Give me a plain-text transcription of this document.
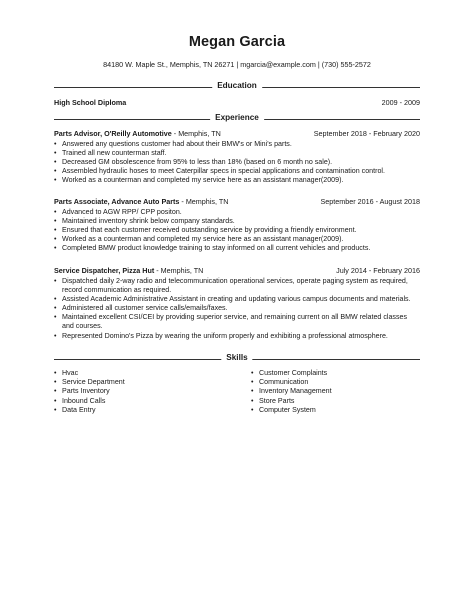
Megan Garcia
84180 W. Maple St., Memphis, TN 26271 | mgarcia@example.com | (730) 555-2572
Education
High School Diploma	2009 - 2009
Experience
Parts Advisor, O'Reilly Automotive - Memphis, TN	September 2018 - February 2020
• Answered any questions customer had about their BMW's or Mini's parts.
• Trained all new counterman staff.
• Decreased GM obsolescence from 95% to less than 18% (based on 6 month no sale).
• Assembled hydraulic hoses to meet Caterpillar specs in special applications and contamination control.
• Worked as a counterman and completed my service here as an assistant manager(2009).
Parts Associate, Advance Auto Parts - Memphis, TN	September 2016 - August 2018
• Advanced to AGW RPP/ CPP positon.
• Maintained inventory shrink below company standards.
• Ensured that each customer received outstanding service by providing a friendly environment.
• Worked as a counterman and completed my service here as an assistant manager(2009).
• Completed BMW product knowledge training to stay informed on all current vehicles and products.
Service Dispatcher, Pizza Hut - Memphis, TN	July 2014 - February 2016
• Dispatched daily 2-way radio and telecommunication operational services, operate paging system as required, record communication as required.
• Assisted Academic Administrative Assistant in creating and updating various campus documents and materials.
• Administered all customer service calls/emails/faxes.
• Maintained excellent CSI/CEI by providing superior service, and remaining current on all BMW related classes and courses.
• Represented Domino's Pizza by wearing the uniform properly and exhibiting a professional atmosphere.
Skills
• Hvac
• Service Department
• Parts Inventory
• Inbound Calls
• Data Entry
• Customer Complaints
• Communication
• Inventory Management
• Store Parts
• Computer System
